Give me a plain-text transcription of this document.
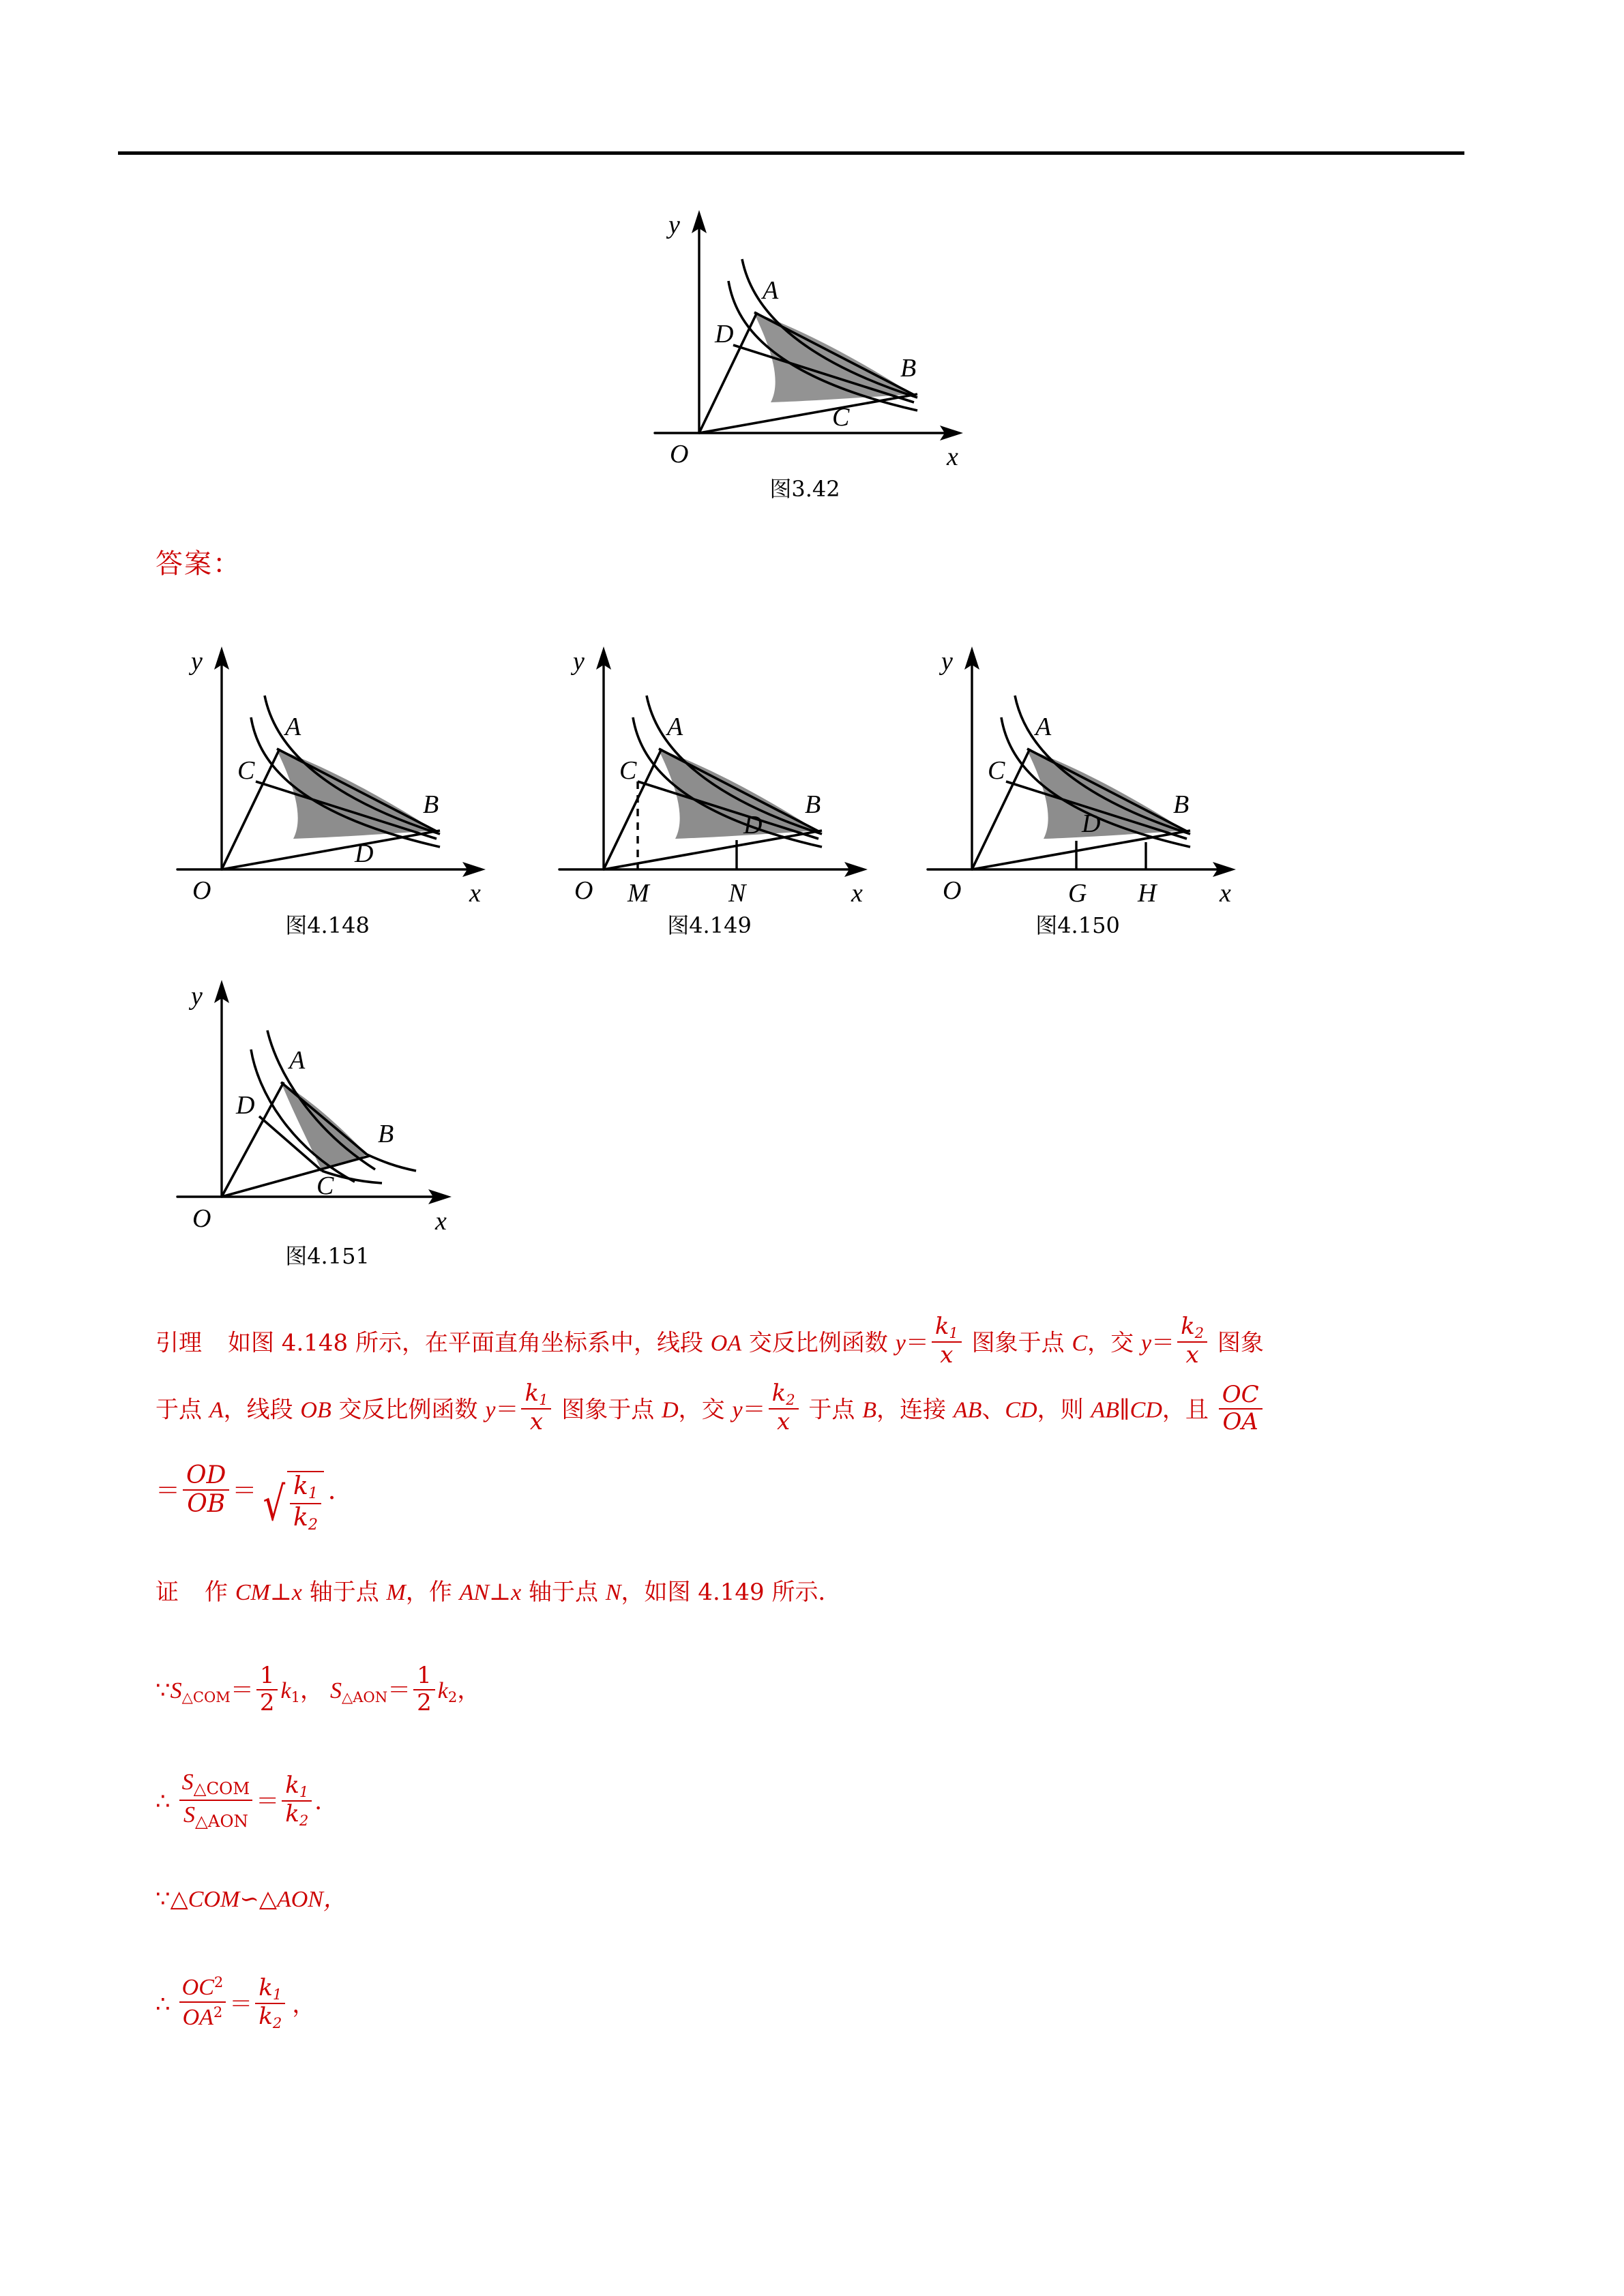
y
x
O
A
D
B
C
图3.42
答案：
y
x
O
A
C
B
D
图4.148
y
x
O
A
C
B
D
M	N
图4.149
y
x
O
A
C
B
D
G H
图4.150
y
x
O
A
D
B
C
图4.151
引理 如图 4.148 所示，在平面直角坐标系中，线段 OA 交反比例函数 $y= \frac{k_1}{x}$ 图象于点 C，交 $y= \frac{k_2}{x}$ 图象
于点 A，线段 OB 交反比例函数 $y= \frac{k_1}{x}$ 图象于点 D，交 $y= \frac{k_2}{x}$ 于点 B，连接 AB、CD，则 AB∥CD，且 $\frac{OC}{OA}$
＝ $\frac{OD}{OB}$ ＝ √ $\frac{k_1}{k_2}$ ．
证 作 CM⊥x 轴于点 M，作 AN⊥x 轴于点 N，如图 4.149 所示．
$\because S_{\triangle COM}= \frac{1}{2} k_1$， $S_{\triangle AON}= \frac{1}{2} k_2$，
∴ $\frac{S_{\triangle COM}}{S_{\triangle AON}} = \frac{k_1}{k_2}$ ．
∵△COM∽△AON，
∴ $\frac{OC^2}{OA^2} = \frac{k_1}{k_2}$ ，
